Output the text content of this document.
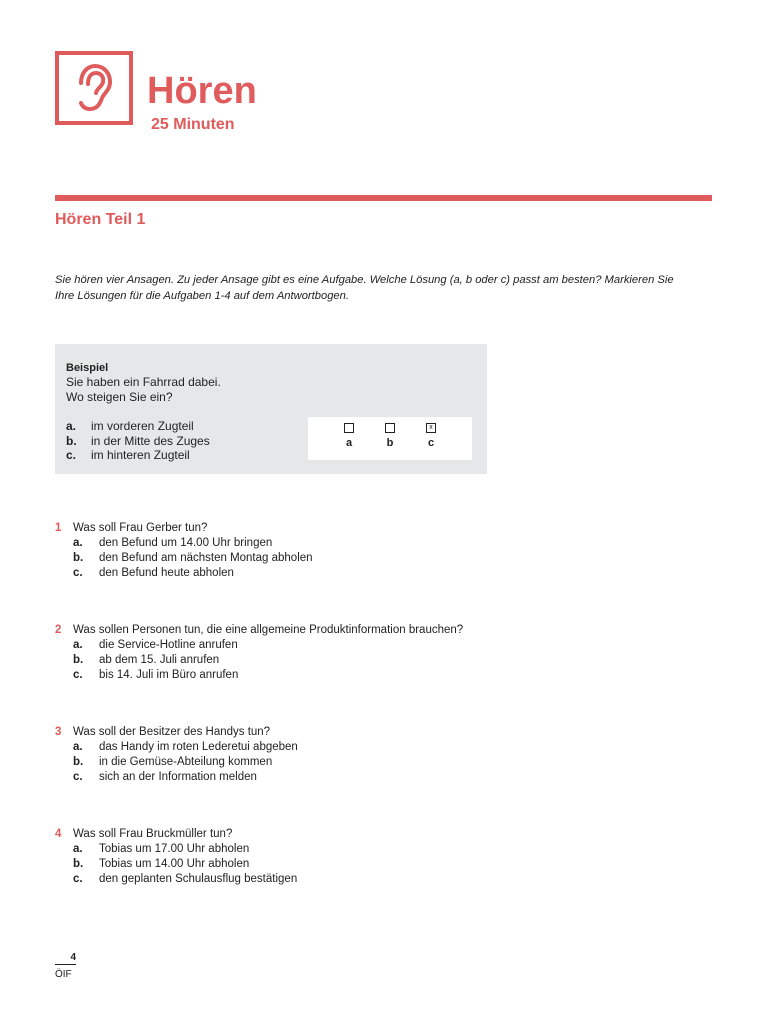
Hören
25 Minuten
Hören Teil 1
Sie hören vier Ansagen. Zu jeder Ansage gibt es eine Aufgabe. Welche Lösung (a, b oder c) passt am besten? Markieren Sie Ihre Lösungen für die Aufgaben 1-4 auf dem Antwortbogen.
Beispiel
Sie haben ein Fahrrad dabei.
Wo steigen Sie ein?
a. im vorderen Zugteil
b. in der Mitte des Zuges
c. im hinteren Zugteil
a	b
x
c
1 Was soll Frau Gerber tun?
a. den Befund um 14.00 Uhr bringen
b. den Befund am nächsten Montag abholen
c. den Befund heute abholen
2 Was sollen Personen tun, die eine allgemeine Produktinformation brauchen?
a. die Service-Hotline anrufen
b. ab dem 15. Juli anrufen
c. bis 14. Juli im Büro anrufen
3 Was soll der Besitzer des Handys tun?
a. das Handy im roten Lederetui abgeben
b. in die Gemüse-Abteilung kommen
c. sich an der Information melden
4 Was soll Frau Bruckmüller tun?
a. Tobias um 17.00 Uhr abholen
b. Tobias um 14.00 Uhr abholen
c. den geplanten Schulausflug bestätigen
4
ÖIF
